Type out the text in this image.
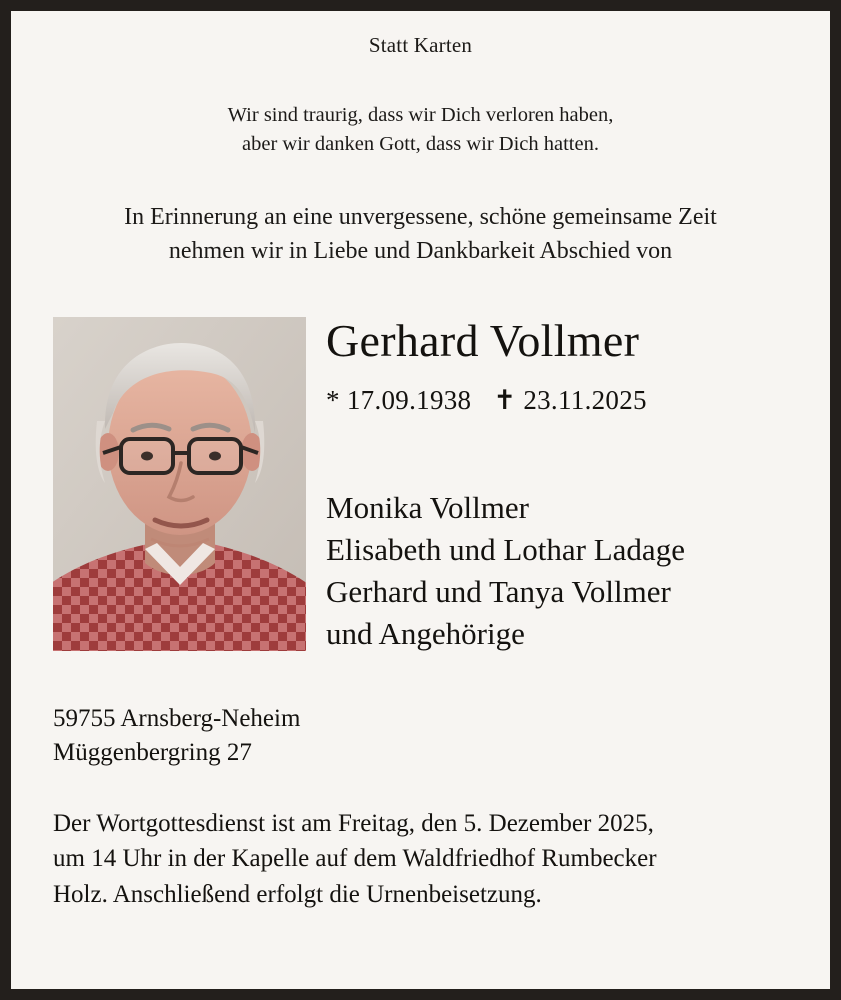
Statt Karten
Wir sind traurig, dass wir Dich verloren haben,
aber wir danken Gott, dass wir Dich hatten.
In Erinnerung an eine unvergessene, schöne gemeinsame Zeit
nehmen wir in Liebe und Dankbarkeit Abschied von
Gerhard Vollmer
* 17.09.1938 ✝ 23.11.2025
Monika Vollmer
Elisabeth und Lothar Ladage
Gerhard und Tanya Vollmer
und Angehörige
59755 Arnsberg-Neheim
Müggenbergring 27
Der Wortgottesdienst ist am Freitag, den 5. Dezember 2025,
um 14 Uhr in der Kapelle auf dem Waldfriedhof Rumbecker
Holz. Anschließend erfolgt die Urnenbeisetzung.
